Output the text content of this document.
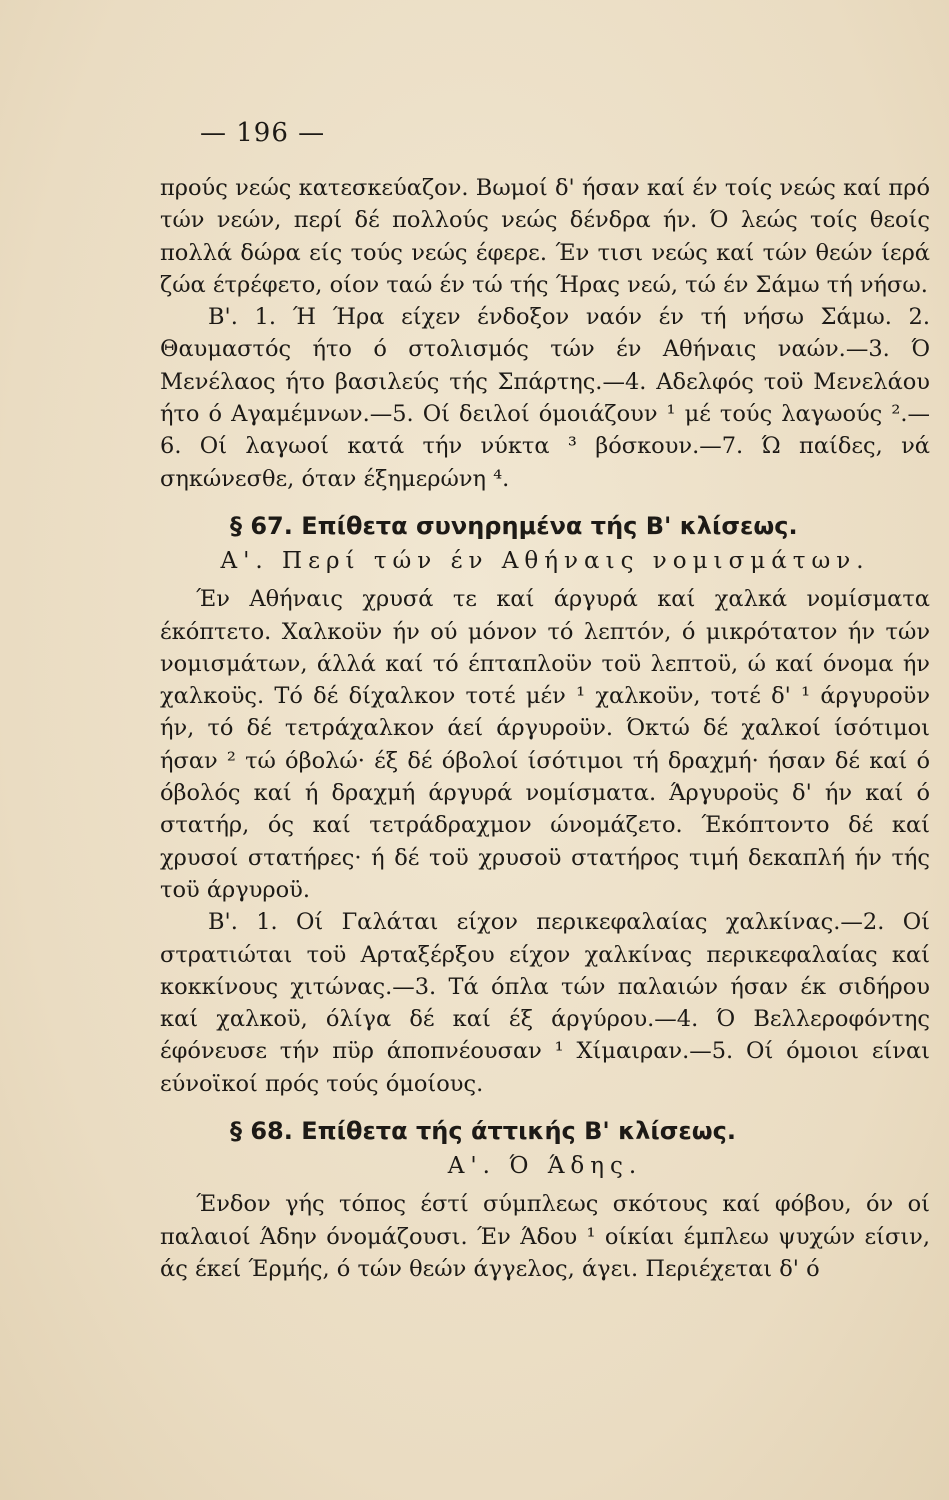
— 196 —

προύς νεώς κατεσκεύαζον. Βωμοί δ' ήσαν καί έν τοίς νεώς καί πρό τών νεών, περί δέ πολλούς νεώς δένδρα ήν. Ό λεώς τοίς θεοίς πολλά δώρα είς τούς νεώς έφερε. Έν τισι νεώς καί τών θεών ίερά ζώα έτρέφετο, οίον ταώ έν τώ τής Ήρας νεώ, τώ έν Σάμω τή νήσω.

Β'. 1. Ή Ήρα είχεν ένδοξον ναόν έν τή νήσω Σάμω. 2. Θαυμαστός ήτο ό στολισμός τών έν Αθήναις ναών.—3. Ό Μενέλαος ήτο βασιλεύς τής Σπάρτης.—4. Αδελφός τοϋ Μενελάου ήτο ό Αγαμέμνων.—5. Οί δειλοί όμοιάζουν ¹ μέ τούς λαγωούς ².—6. Οί λαγωοί κατά τήν νύκτα ³ βόσκουν.—7. Ώ παίδες, νά σηκώνεσθε, όταν έξημερώνη ⁴.

§ 67. Επίθετα συνηρημένα τής Β' κλίσεως.
Α'. Περί τών έν Αθήναις νομισμάτων.

Έν Αθήναις χρυσά τε καί άργυρά καί χαλκά νομίσματα έκόπτετο. Χαλκοϋν ήν ού μόνον τό λεπτόν, ό μικρότατον ήν τών νομισμάτων, άλλά καί τό έπταπλοϋν τοϋ λεπτοϋ, ώ καί όνομα ήν χαλκοϋς. Τό δέ δίχαλκον τοτέ μέν ¹ χαλκοϋν, τοτέ δ' ¹ άργυροϋν ήν, τό δέ τετράχαλκον άεί άργυροϋν. Όκτώ δέ χαλκοί ίσότιμοι ήσαν ² τώ όβολώ· έξ δέ όβολοί ίσότιμοι τή δραχμή· ήσαν δέ καί ό όβολός καί ή δραχμή άργυρά νομίσματα. Άργυροϋς δ' ήν καί ό στατήρ, ός καί τετράδραχμον ώνομάζετο. Έκόπτοντο δέ καί χρυσοί στατήρες· ή δέ τοϋ χρυσοϋ στατήρος τιμή δεκαπλή ήν τής τοϋ άργυροϋ.

Β'. 1. Οί Γαλάται είχον περικεφαλαίας χαλκίνας.—2. Οί στρατιώται τοϋ Αρταξέρξου είχον χαλκίνας περικεφαλαίας καί κοκκίνους χιτώνας.—3. Τά όπλα τών παλαιών ήσαν έκ σιδήρου καί χαλκοϋ, όλίγα δέ καί έξ άργύρου.—4. Ό Βελλεροφόντης έφόνευσε τήν πϋρ άποπνέουσαν ¹ Χίμαιραν.—5. Οί όμοιοι είναι εύνοϊκοί πρός τούς όμοίους.

§ 68. Επίθετα τής άττικής Β' κλίσεως.
Α'. Ό Άδης.

Ένδον γής τόπος έστί σύμπλεως σκότους καί φόβου, όν οί παλαιοί Άδην όνομάζουσι. Έν Άδου ¹ οίκίαι έμπλεω ψυχών είσιν, άς έκεί Έρμής, ό τών θεών άγγελος, άγει. Περιέχεται δ' ό
